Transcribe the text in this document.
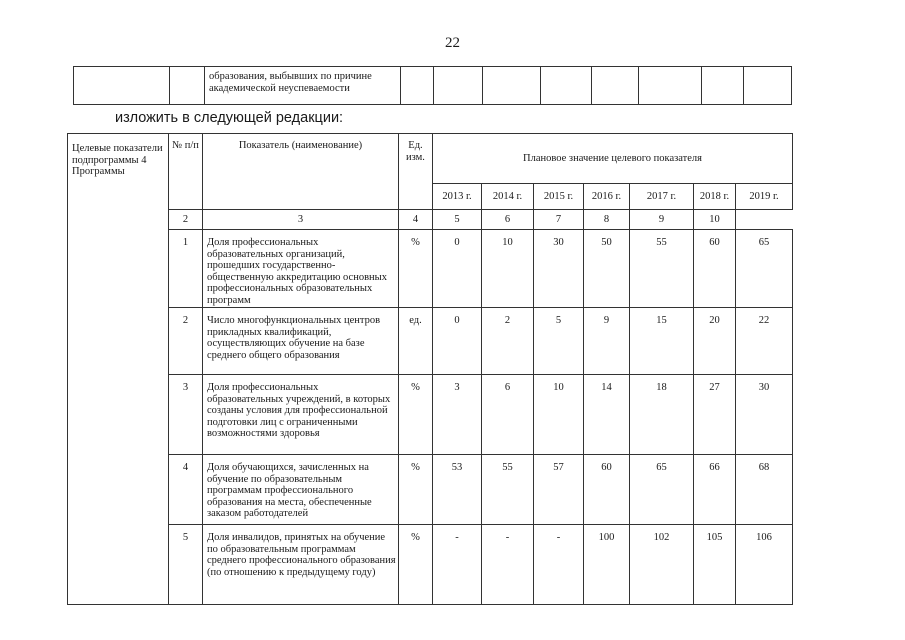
22
		образования, выбывших по причине академической неуспеваемости								
изложить в следующей редакции:
Целевые показатели подпрограммы 4 Программы	№ п/п	Показатель (наименование)	Ед. изм.	Плановое значение целевого показателя						
				2013 г.	2014 г.	2015 г.	2016 г.	2017 г.	2018 г.	2019 г.
	2	3	4	5	6	7	8	9	10	
	1	Доля профессиональных образовательных организаций, прошедших государственно-общественную аккредитацию основных профессиональных образовательных программ	%	0	10	30	50	55	60	65
	2	Число многофункциональных центров прикладных квалификаций, осуществляющих обучение на базе среднего общего образования	ед.	0	2	5	9	15	20	22
	3	Доля профессиональных образовательных учреждений, в которых созданы условия для профессиональной подготовки лиц с ограниченными возможностями здоровья	%	3	6	10	14	18	27	30
	4	Доля обучающихся, зачисленных на обучение по образовательным программам профессионального образования на места, обеспеченные заказом работодателей	%	53	55	57	60	65	66	68
	5	Доля инвалидов, принятых на обучение по образовательным программам среднего профессионального образования (по отношению к предыдущему году)	%	-	-	-	100	102	105	106
